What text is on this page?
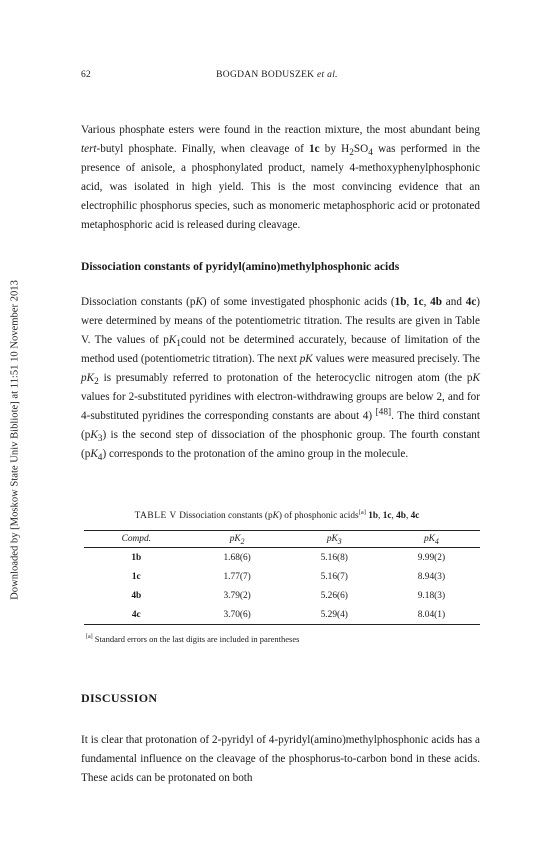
Downloaded by [Moskow State Univ Bibliote] at 11:51 10 November 2013
62	BOGDAN BODUSZEK et al.

Various phosphate esters were found in the reaction mixture, the most abundant being tert-butyl phosphate. Finally, when cleavage of 1c by $H_2SO_4$ was performed in the presence of anisole, a phosphonylated product, namely 4-methoxyphenylphosphonic acid, was isolated in high yield. This is the most convincing evidence that an electrophilic phosphorus species, such as monomeric metaphosphoric acid or protonated metaphosphoric acid is released during cleavage.

Dissociation constants of pyridyl(amino)methylphosphonic acids

Dissociation constants (pK) of some investigated phosphonic acids (1b, 1c, 4b and 4c) were determined by means of the potentiometric titration. The results are given in Table V. The values of $pK_1could$ not be determined accurately, because of limitation of the method used (potentiometric titration). The next pK values were measured precisely. The $pK_2$ is presumably referred to protonation of the heterocyclic nitrogen atom (the pK values for 2-substituted pyridines with electron-withdrawing groups are below 2, and for 4-substituted pyridines the corresponding constants are about 4) [48]. The third constant $(pK_3)$ is the second step of dissociation of the phosphonic group. The fourth constant $(pK_4)$ corresponds to the protonation of the amino group in the molecule.

TABLE V Dissociation constants (pK) of phosphonic acids[a] 1b, 1c, 4b, 4c
Compd.	$pK_2$	$pK_3$	$pK_4$
1b	1.68(6)	5.16(8)	9.99(2)
1c	1.77(7)	5.16(7)	8.94(3)
4b	3.79(2)	5.26(6)	9.18(3)
4c	3.70(6)	5.29(4)	8.04(1)
[a] Standard errors on the last digits are included in parentheses
DISCUSSION

It is clear that protonation of 2-pyridyl of 4-pyridyl(amino)methylphosphonic acids has a fundamental influence on the cleavage of the phosphorus-to-carbon bond in these acids. These acids can be protonated on both
